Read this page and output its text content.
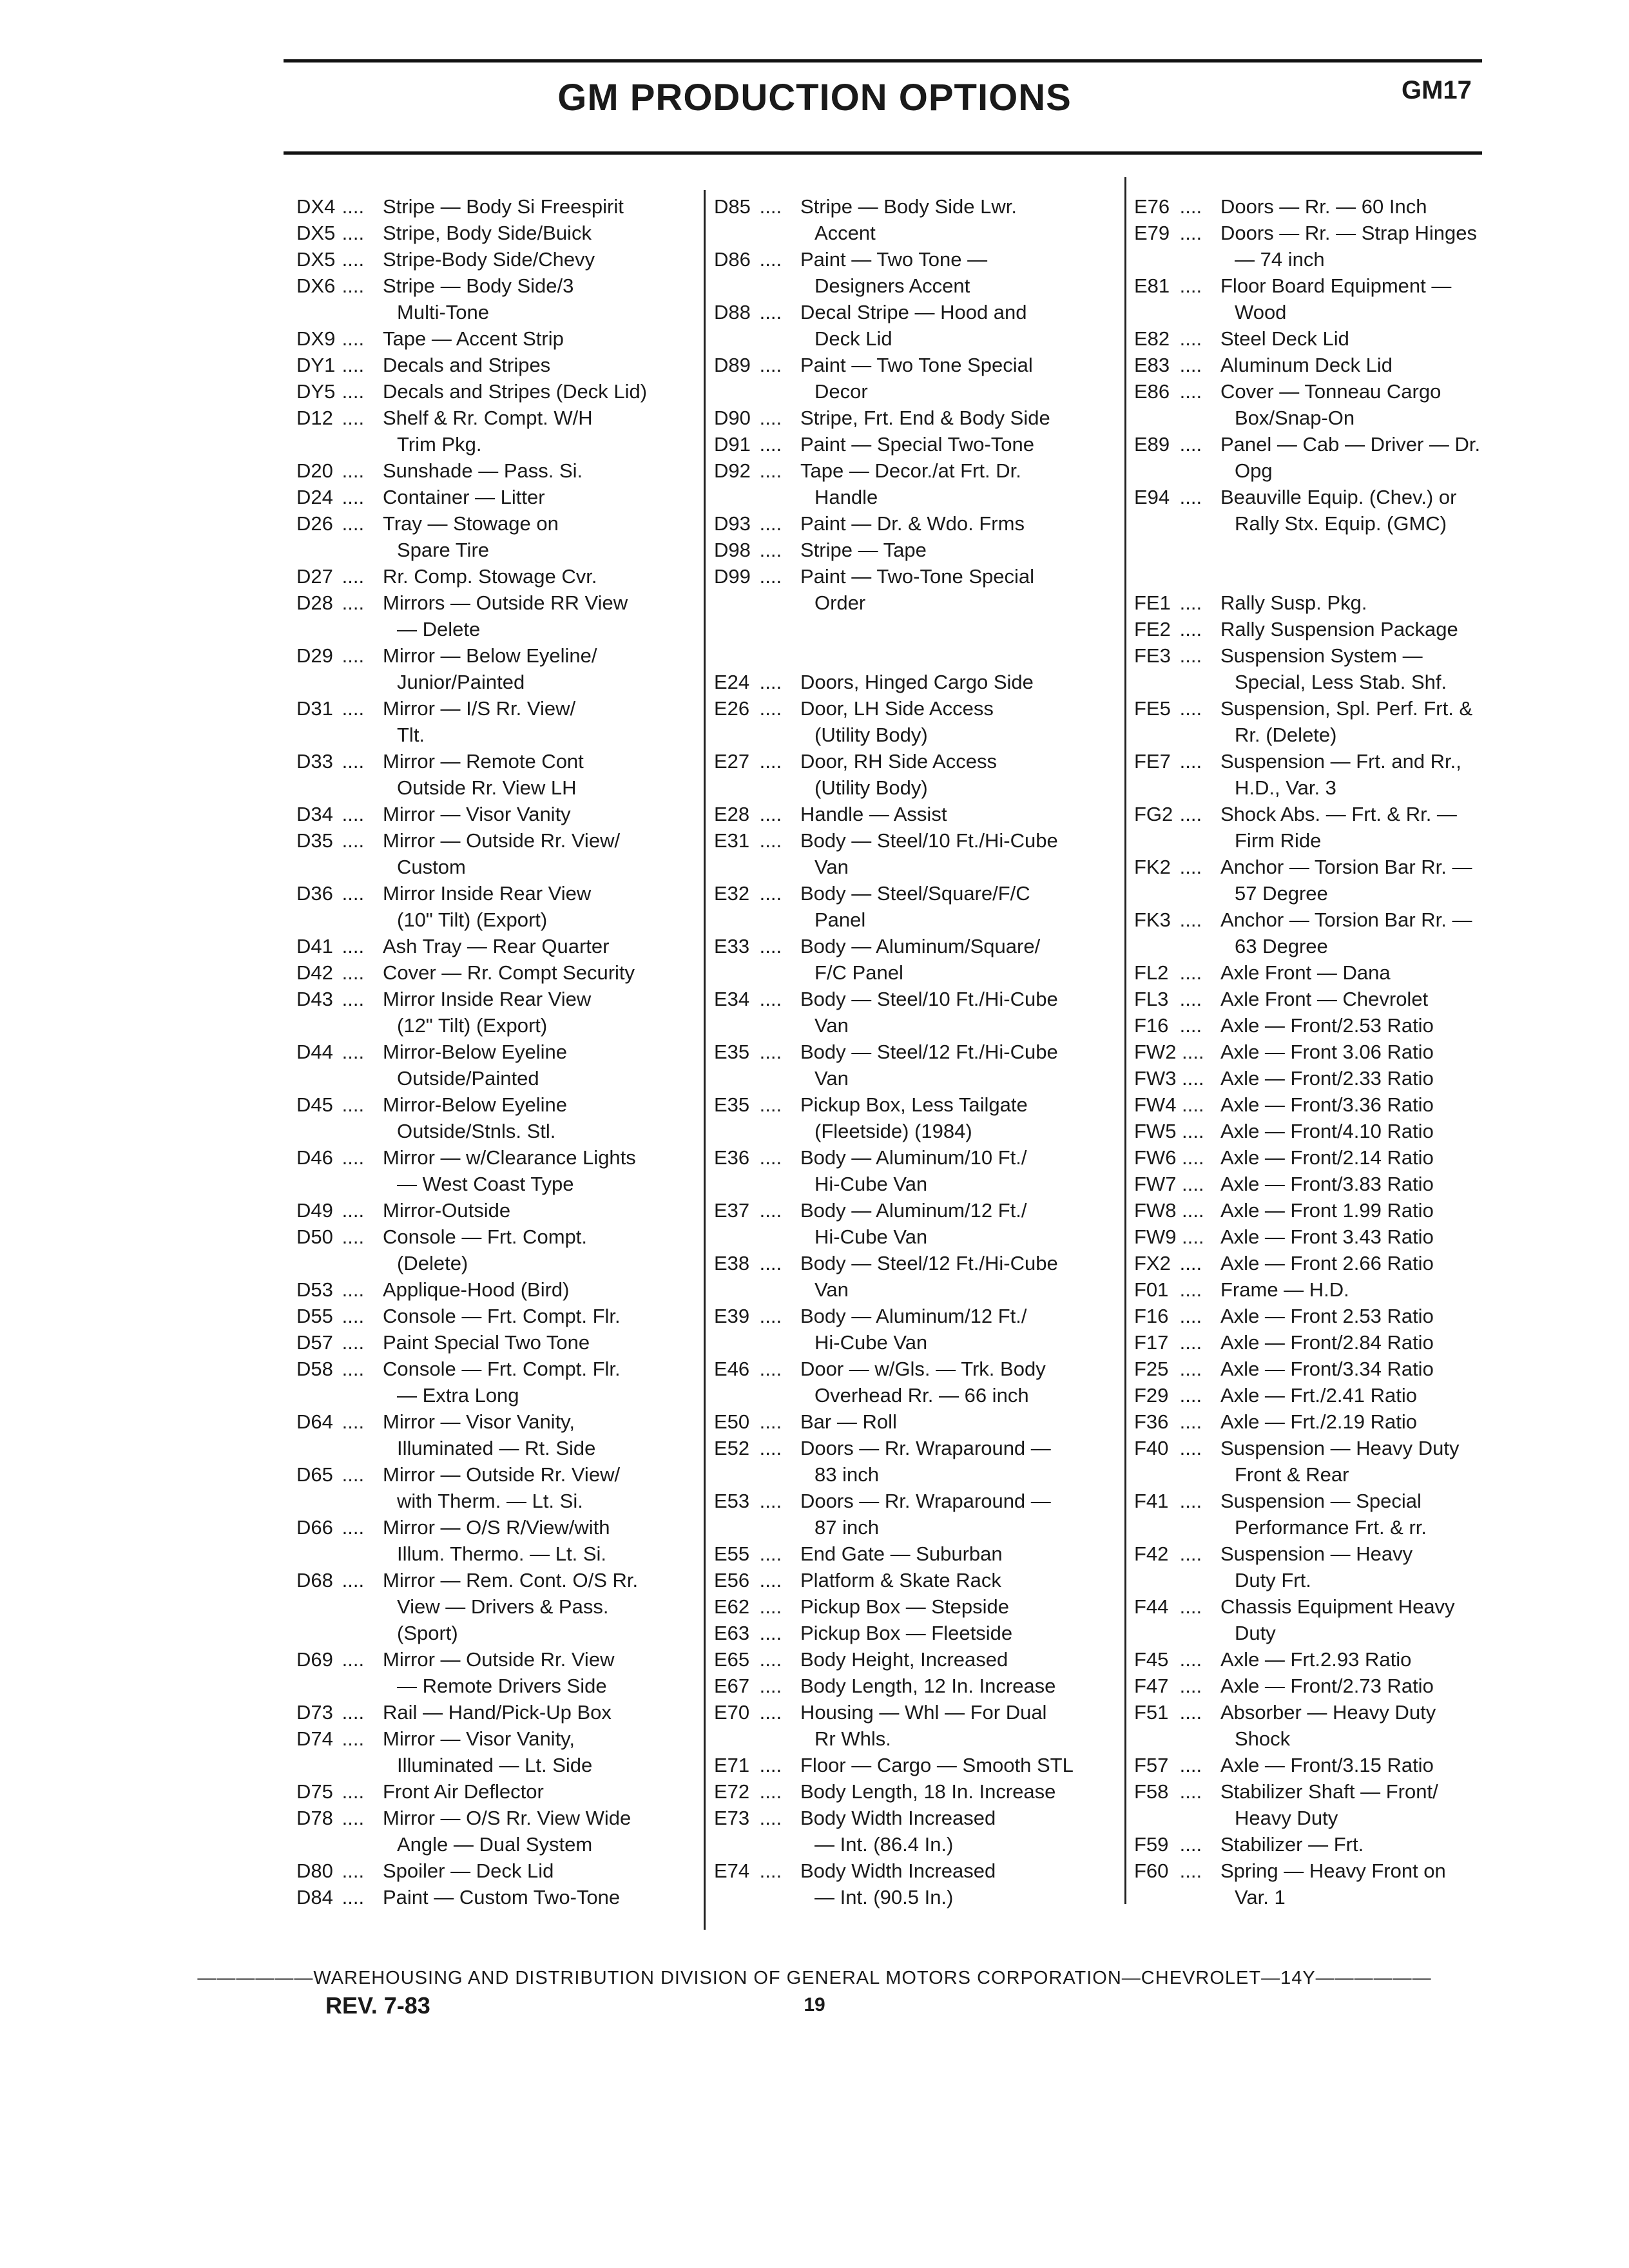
GM PRODUCTION OPTIONS	GM17
DX4 .... Stripe — Body Si Freespirit
DX5 .... Stripe, Body Side/Buick
DX5 .... Stripe-Body Side/Chevy
DX6 .... Stripe — Body Side/3
Multi-Tone
DX9 .... Tape — Accent Strip
DY1 .... Decals and Stripes
DY5 .... Decals and Stripes (Deck Lid)
D12 .... Shelf & Rr. Compt. W/H
Trim Pkg.
D20 .... Sunshade — Pass. Si.
D24 .... Container — Litter
D26 .... Tray — Stowage on
Spare Tire
D27 .... Rr. Comp. Stowage Cvr.
D28 .... Mirrors — Outside RR View
— Delete
D29 .... Mirror — Below Eyeline/
Junior/Painted
D31 .... Mirror — I/S Rr. View/
Tlt.
D33 .... Mirror — Remote Cont
Outside Rr. View LH
D34 .... Mirror — Visor Vanity
D35 .... Mirror — Outside Rr. View/
Custom
D36 .... Mirror Inside Rear View
(10" Tilt) (Export)
D41 .... Ash Tray — Rear Quarter
D42 .... Cover — Rr. Compt Security
D43 .... Mirror Inside Rear View
(12" Tilt) (Export)
D44 .... Mirror-Below Eyeline
Outside/Painted
D45 .... Mirror-Below Eyeline
Outside/Stnls. Stl.
D46 .... Mirror — w/Clearance Lights
— West Coast Type
D49 .... Mirror-Outside
D50 .... Console — Frt. Compt.
(Delete)
D53 .... Applique-Hood (Bird)
D55 .... Console — Frt. Compt. Flr.
D57 .... Paint Special Two Tone
D58 .... Console — Frt. Compt. Flr.
— Extra Long
D64 .... Mirror — Visor Vanity,
Illuminated — Rt. Side
D65 .... Mirror — Outside Rr. View/
with Therm. — Lt. Si.
D66 .... Mirror — O/S R/View/with
Illum. Thermo. — Lt. Si.
D68 .... Mirror — Rem. Cont. O/S Rr.
View — Drivers & Pass.
(Sport)
D69 .... Mirror — Outside Rr. View
— Remote Drivers Side
D73 .... Rail — Hand/Pick-Up Box
D74 .... Mirror — Visor Vanity,
Illuminated — Lt. Side
D75 .... Front Air Deflector
D78 .... Mirror — O/S Rr. View Wide
Angle — Dual System
D80 .... Spoiler — Deck Lid
D84 .... Paint — Custom Two-Tone
D85 .... Stripe — Body Side Lwr.
Accent
D86 .... Paint — Two Tone —
Designers Accent
D88 .... Decal Stripe — Hood and
Deck Lid
D89 .... Paint — Two Tone Special
Decor
D90 .... Stripe, Frt. End & Body Side
D91 .... Paint — Special Two-Tone
D92 .... Tape — Decor./at Frt. Dr.
Handle
D93 .... Paint — Dr. & Wdo. Frms
D98 .... Stripe — Tape
D99 .... Paint — Two-Tone Special
Order
E24 .... Doors, Hinged Cargo Side
E26 .... Door, LH Side Access
(Utility Body)
E27 .... Door, RH Side Access
(Utility Body)
E28 .... Handle — Assist
E31 .... Body — Steel/10 Ft./Hi-Cube
Van
E32 .... Body — Steel/Square/F/C
Panel
E33 .... Body — Aluminum/Square/
F/C Panel
E34 .... Body — Steel/10 Ft./Hi-Cube
Van
E35 .... Body — Steel/12 Ft./Hi-Cube
Van
E35 .... Pickup Box, Less Tailgate
(Fleetside) (1984)
E36 .... Body — Aluminum/10 Ft./
Hi-Cube Van
E37 .... Body — Aluminum/12 Ft./
Hi-Cube Van
E38 .... Body — Steel/12 Ft./Hi-Cube
Van
E39 .... Body — Aluminum/12 Ft./
Hi-Cube Van
E46 .... Door — w/Gls. — Trk. Body
Overhead Rr. — 66 inch
E50 .... Bar — Roll
E52 .... Doors — Rr. Wraparound —
83 inch
E53 .... Doors — Rr. Wraparound —
87 inch
E55 .... End Gate — Suburban
E56 .... Platform & Skate Rack
E62 .... Pickup Box — Stepside
E63 .... Pickup Box — Fleetside
E65 .... Body Height, Increased
E67 .... Body Length, 12 In. Increase
E70 .... Housing — Whl — For Dual
Rr Whls.
E71 .... Floor — Cargo — Smooth STL
E72 .... Body Length, 18 In. Increase
E73 .... Body Width Increased
— Int. (86.4 In.)
E74 .... Body Width Increased
— Int. (90.5 In.)
E76 .... Doors — Rr. — 60 Inch
E79 .... Doors — Rr. — Strap Hinges
— 74 inch
E81 .... Floor Board Equipment —
Wood
E82 .... Steel Deck Lid
E83 .... Aluminum Deck Lid
E86 .... Cover — Tonneau Cargo
Box/Snap-On
E89 .... Panel — Cab — Driver — Dr.
Opg
E94 .... Beauville Equip. (Chev.) or
Rally Stx. Equip. (GMC)
FE1 .... Rally Susp. Pkg.
FE2 .... Rally Suspension Package
FE3 .... Suspension System —
Special, Less Stab. Shf.
FE5 .... Suspension, Spl. Perf. Frt. &
Rr. (Delete)
FE7 .... Suspension — Frt. and Rr.,
H.D., Var. 3
FG2 .... Shock Abs. — Frt. & Rr. —
Firm Ride
FK2 .... Anchor — Torsion Bar Rr. —
57 Degree
FK3 .... Anchor — Torsion Bar Rr. —
63 Degree
FL2 .... Axle Front — Dana
FL3 .... Axle Front — Chevrolet
F16 .... Axle — Front/2.53 Ratio
FW2 .... Axle — Front 3.06 Ratio
FW3 .... Axle — Front/2.33 Ratio
FW4 .... Axle — Front/3.36 Ratio
FW5 .... Axle — Front/4.10 Ratio
FW6 .... Axle — Front/2.14 Ratio
FW7 .... Axle — Front/3.83 Ratio
FW8 .... Axle — Front 1.99 Ratio
FW9 .... Axle — Front 3.43 Ratio
FX2 .... Axle — Front 2.66 Ratio
F01 .... Frame — H.D.
F16 .... Axle — Front 2.53 Ratio
F17 .... Axle — Front/2.84 Ratio
F25 .... Axle — Front/3.34 Ratio
F29 .... Axle — Frt./2.41 Ratio
F36 .... Axle — Frt./2.19 Ratio
F40 .... Suspension — Heavy Duty
Front & Rear
F41 .... Suspension — Special
Performance Frt. & rr.
F42 .... Suspension — Heavy
Duty Frt.
F44 .... Chassis Equipment Heavy
Duty
F45 .... Axle — Frt.2.93 Ratio
F47 .... Axle — Front/2.73 Ratio
F51 .... Absorber — Heavy Duty
Shock
F57 .... Axle — Front/3.15 Ratio
F58 .... Stabilizer Shaft — Front/
Heavy Duty
F59 .... Stabilizer — Frt.
F60 .... Spring — Heavy Front on
Var. 1
——————WAREHOUSING AND DISTRIBUTION DIVISION OF GENERAL MOTORS CORPORATION—CHEVROLET—14Y——————
REV. 7-83	19
